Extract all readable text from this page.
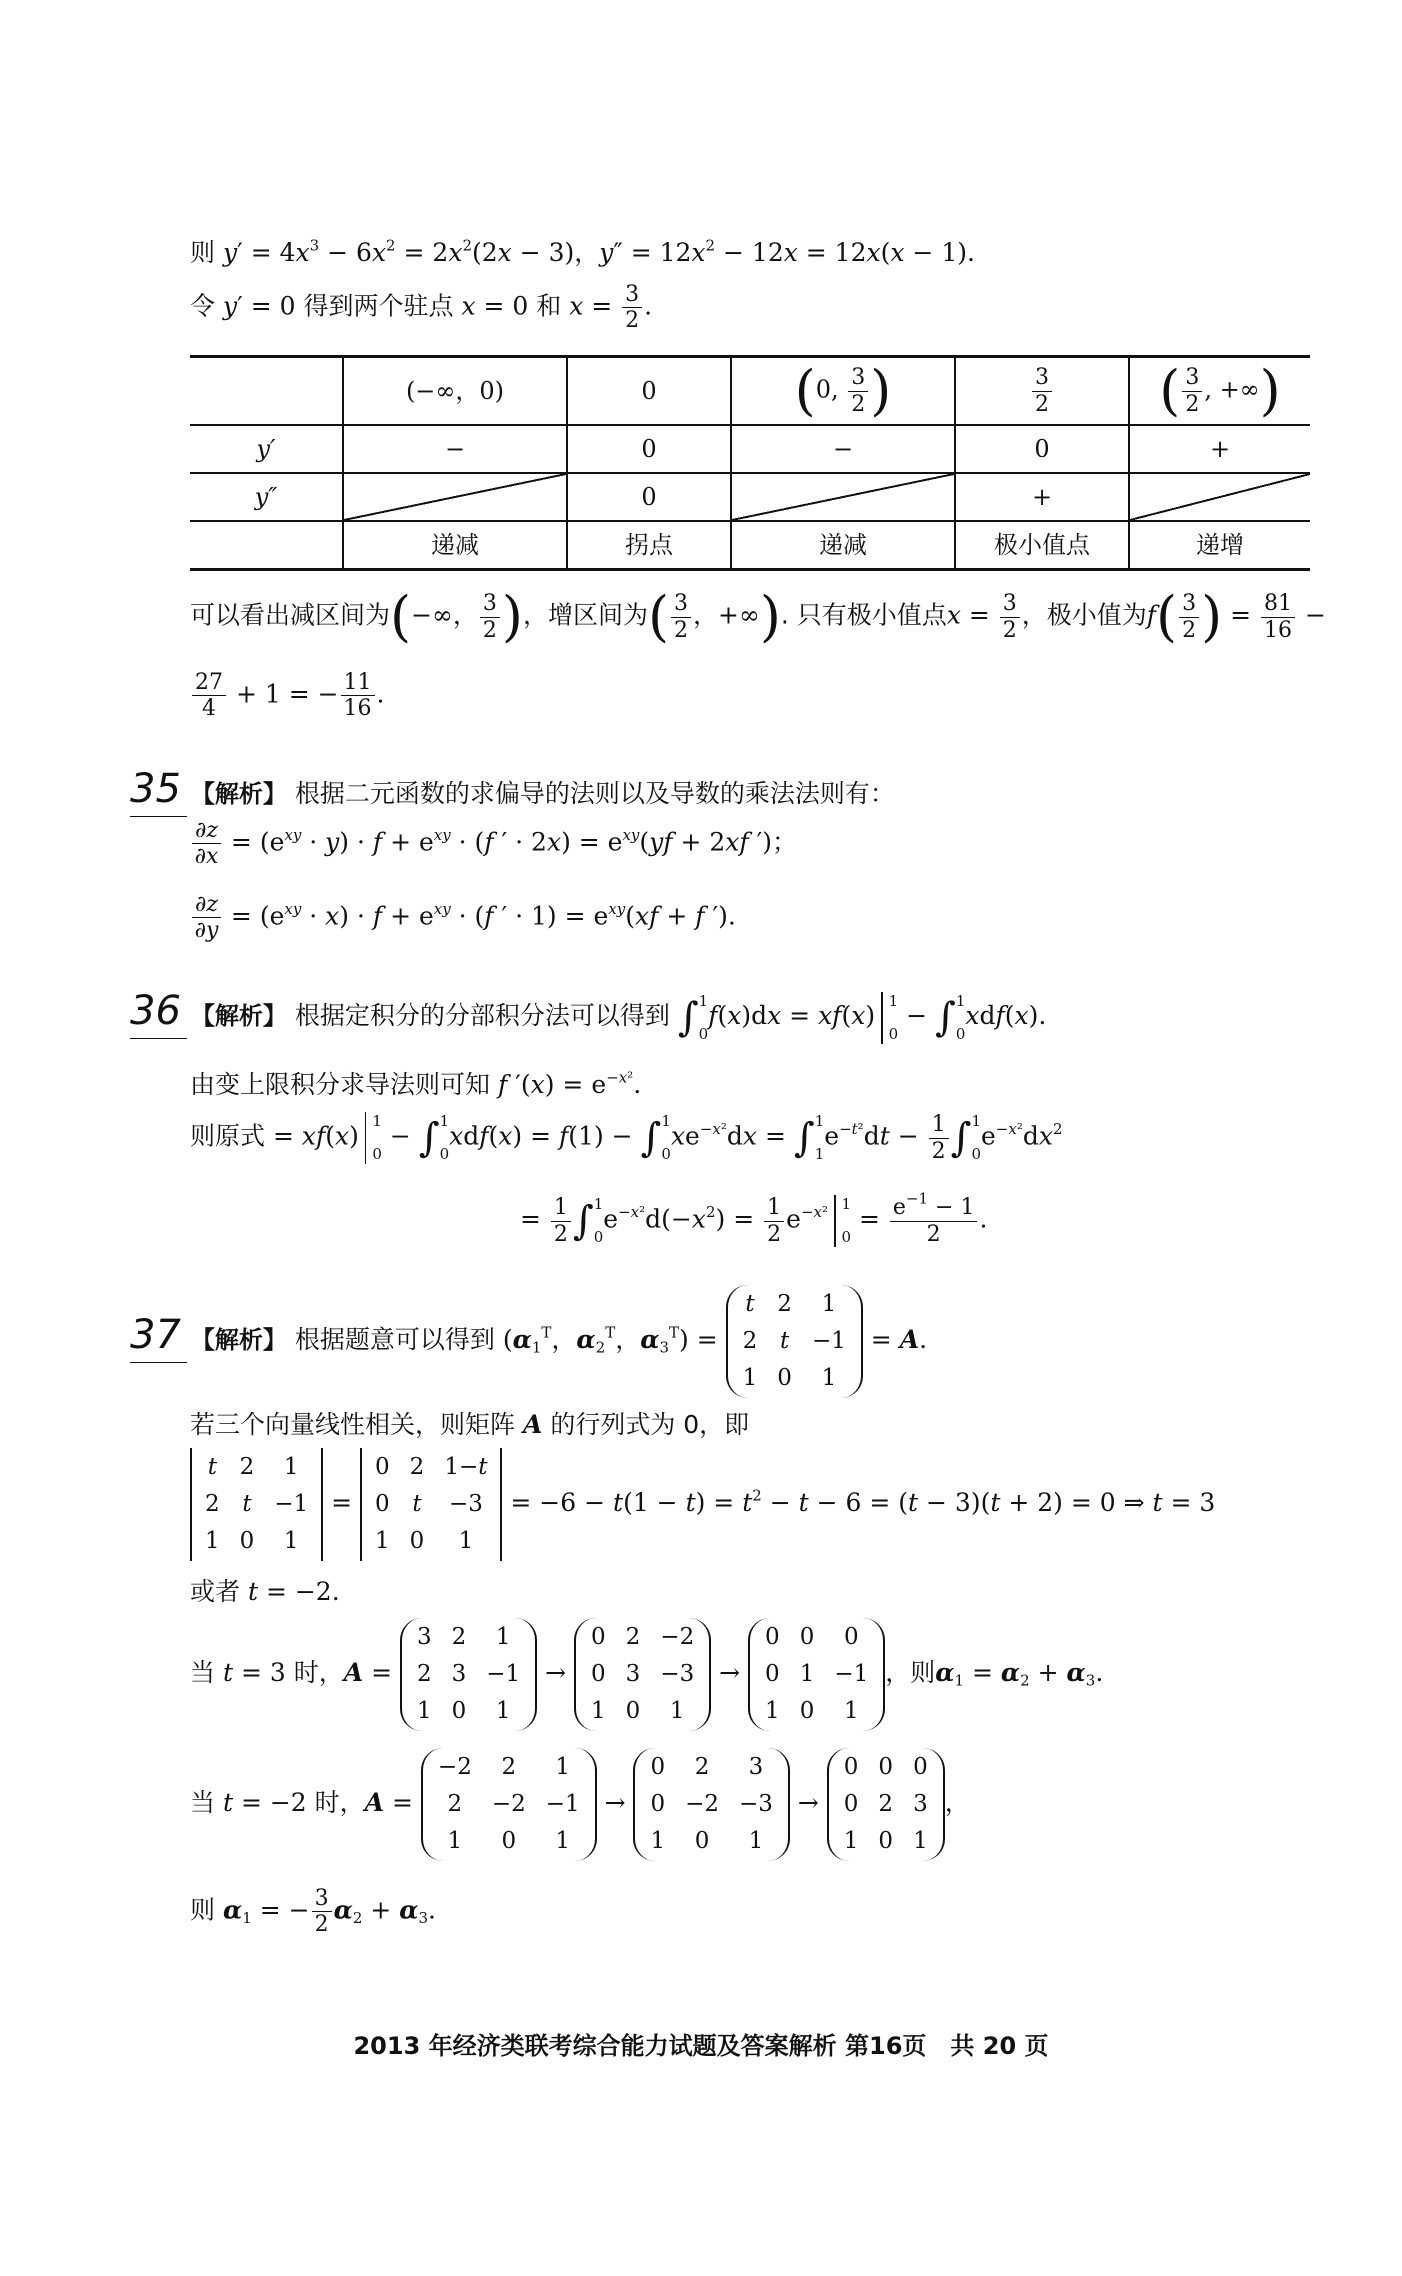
则 $y' = 4x^3 - 6x^2 = 2x^2(2x - 3)$，$y'' = 12x^2 - 12x = 12x(x - 1)$.
令 y′ = 0 得到两个驻点 x = 0 和 $x = \frac{3}{2}$ .
	(−∞，0)	0	(0, $\frac{3}{2}$ )	$\frac{3}{2}$	( $\frac{3}{2}$ , +∞)
y′	−	0	−	0	+
y″		0		+	
	递减	拐点	递减	极小值点	递增
可以看出减区间为(−∞， $\frac{3}{2}$ )，增区间为( $\frac{3}{2}$ ，+∞). 只有极小值点$x = \frac{3}{2}$ ，极小值为$f( \frac{3}{2}$ ) = $\frac{81}{16}$ −
$\frac{27}{4} + 1$ = − $\frac{11}{16}$ .
35 【解析】 根据二元函数的求偏导的法则以及导数的乘法法则有：
$\frac{\partial z}{\partial x} = (e^{xy} \cdot y) \cdot f + e^{xy} \cdot (f$ ′ · $2x) = e^{xy}(yf + 2xf$ ′)；
$\frac{\partial z}{\partial y} = (e^{xy} \cdot x) \cdot f + e^{xy} \cdot (f$ ′ · $1) = e^{xy}(xf + f$ ′).
36 【解析】 根据定积分的分部积分法可以得到 ∫1

0f(x)dx = xf(x)1

0 − ∫1

0xdf(x).
由变上限积分求导法则可知 f $'(x) = e^{-x^2}$.
则原式 = xf(x)1

0 − ∫1

0xdf(x) = f(1) − ∫1

$0xe^{-x^2}dx = \int 1$

$1e^{-t^2}dt - \frac{1}{2} \int 1$

$0e^{-x^2}dx^2$
= $\frac{1}{2} \int 1$

$0e^{-x^2}d(-x^2) = \frac{1}{2} e^{-x^2}$ 1

$0 = \frac{e^{-1} - 1}{2}$ .
37 【解析】 根据题意可以得到 ($\alpha_1^T$，$\alpha_2^T$，$\alpha_3^T) = t$	2	1
2	t	−1
1	0	1 = A.
若三个向量线性相关，则矩阵 A 的行列式为 0，即
t	2	1
2	t	−1
1	0	1 = 0	2	1−t
0	t	−3
1	0	$1 = -6 - t(1 - t) = t^2 - t - 6 = (t - 3)(t + 2) = 0$ ⇒ t = 3
或者 t = −2.
当 t = 3 时，A = 3	2	1
2	3	−1
1	0	1 → 0	2	−2
0	3	−3
1	0	1 → 0	0	0
0	1	−1
1	0	1，则$\alpha_1 = \alpha_2 + \alpha_3$.
当 t = −2 时，A = −2	2	1
2	−2	−1
1	0	1 → 0	2	3
0	−2	−3
1	0	1 → 0	0	0
0	2	3
1	0	1，
则 $\alpha_1$ = − $\frac{3}{2} \alpha_2 + \alpha_3$.
2013 年经济类联考综合能力试题及答案解析 第16页　共 20 页
